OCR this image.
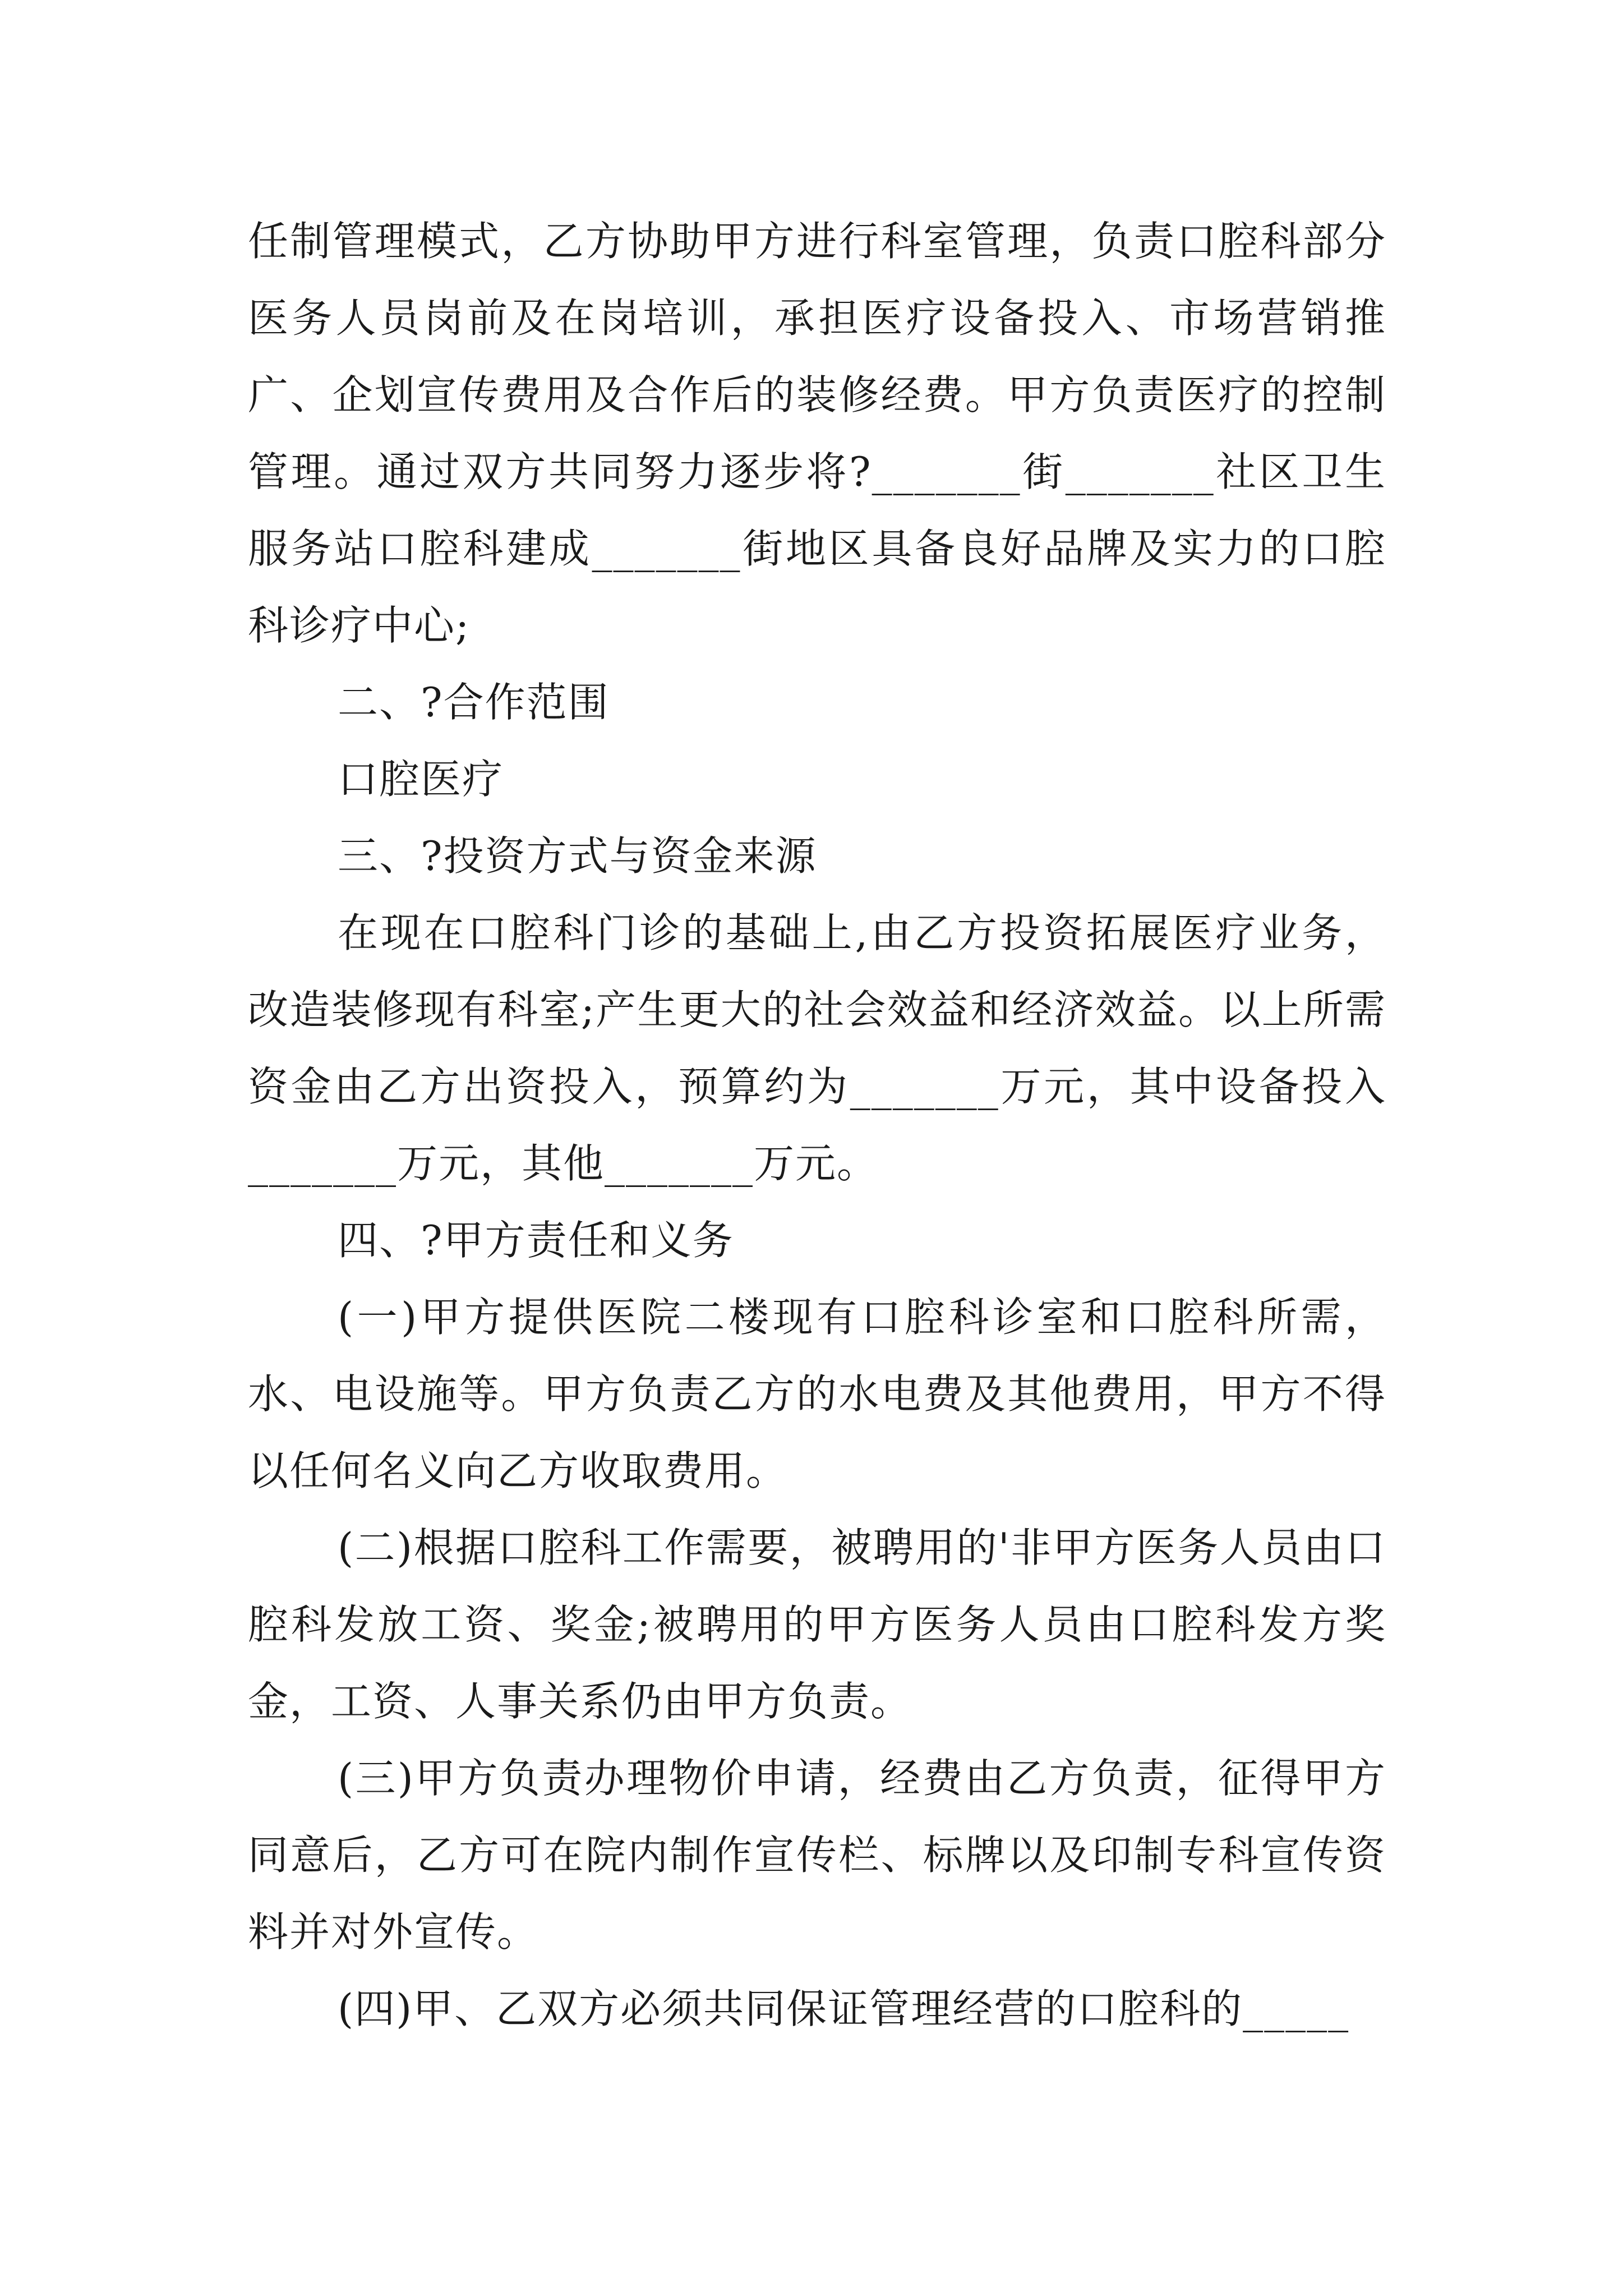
任制管理模式，乙方协助甲方进行科室管理，负责口腔科部分医务人员岗前及在岗培训，承担医疗设备投入、市场营销推广、企划宣传费用及合作后的装修经费。甲方负责医疗的控制管理。通过双方共同努力逐步将?_______街_______社区卫生服务站口腔科建成_______街地区具备良好品牌及实力的口腔科诊疗中心;

二、?合作范围

口腔医疗

三、?投资方式与资金来源

在现在口腔科门诊的基础上,由乙方投资拓展医疗业务，改造装修现有科室;产生更大的社会效益和经济效益。以上所需资金由乙方出资投入，预算约为_______万元，其中设备投入_______万元，其他_______万元。

四、?甲方责任和义务

(一)甲方提供医院二楼现有口腔科诊室和口腔科所需，水、电设施等。甲方负责乙方的水电费及其他费用，甲方不得以任何名义向乙方收取费用。

(二)根据口腔科工作需要，被聘用的'非甲方医务人员由口腔科发放工资、奖金;被聘用的甲方医务人员由口腔科发方奖金，工资、人事关系仍由甲方负责。

(三)甲方负责办理物价申请，经费由乙方负责，征得甲方同意后，乙方可在院内制作宣传栏、标牌以及印制专科宣传资料并对外宣传。

(四)甲、乙双方必须共同保证管理经营的口腔科的_____
